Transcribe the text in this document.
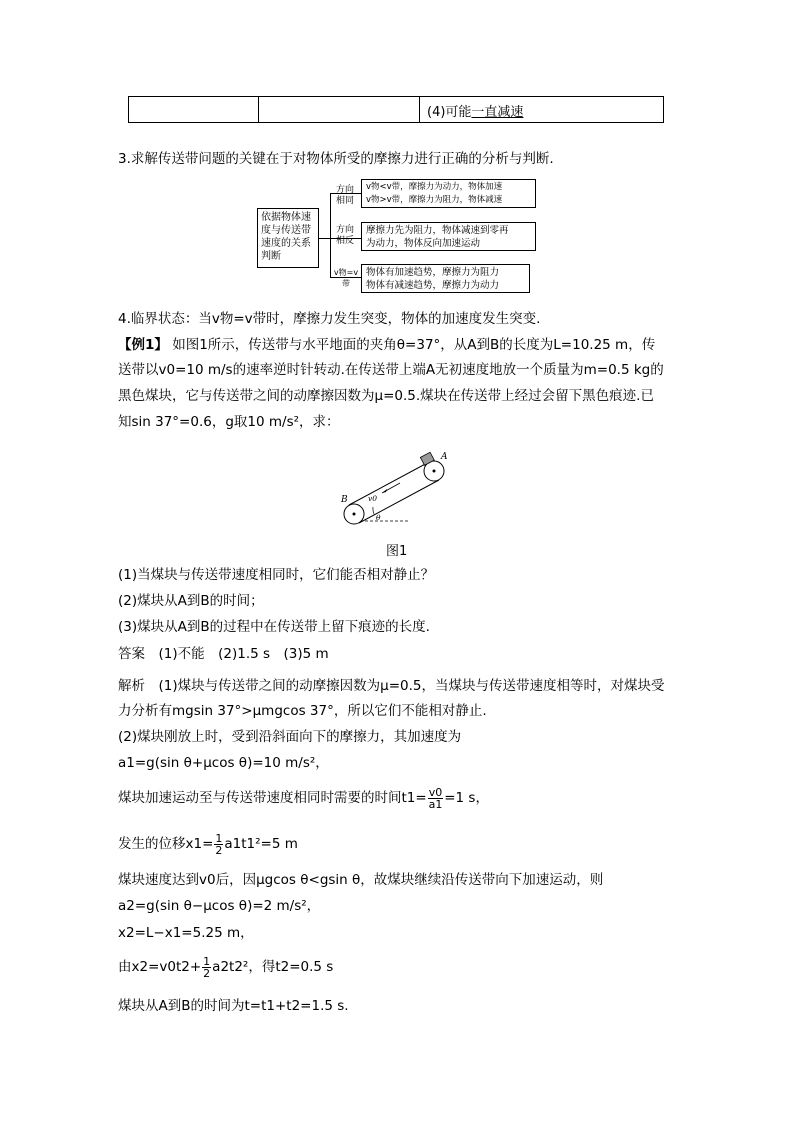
(4)可能一直减速
3.求解传送带问题的关键在于对物体所受的摩擦力进行正确的分析与判断.
依据物体速度与传送带速度的关系判断
方向相同
方向相反
v物=v带
v物<v带，摩擦力为动力，物体加速
v物>v带，摩擦力为阻力，物体减速
摩擦力先为阻力，物体减速到零再
为动力，物体反向加速运动
物体有加速趋势，摩擦力为阻力
物体有减速趋势，摩擦力为动力
4.临界状态：当v物=v带时，摩擦力发生突变，物体的加速度发生突变.
【例1】 如图1所示，传送带与水平地面的夹角θ=37°，从A到B的长度为L=10.25 m，传
送带以v0=10 m/s的速率逆时针转动.在传送带上端A无初速度地放一个质量为m=0.5 kg的
黑色煤块，它与传送带之间的动摩擦因数为μ=0.5.煤块在传送带上经过会留下黑色痕迹.已
知sin 37°=0.6，g取10 m/s²，求：
A
B	v0
θ
图1
(1)当煤块与传送带速度相同时，它们能否相对静止？
(2)煤块从A到B的时间；
(3)煤块从A到B的过程中在传送带上留下痕迹的长度.
答案　(1)不能　(2)1.5 s　(3)5 m
解析　(1)煤块与传送带之间的动摩擦因数为μ=0.5，当煤块与传送带速度相等时，对煤块受
力分析有mgsin 37°>μmgcos 37°，所以它们不能相对静止.
(2)煤块刚放上时，受到沿斜面向下的摩擦力，其加速度为
a1=g(sin θ+μcos θ)=10 m/s²，
煤块加速运动至与传送带速度相同时需要的时间$t1= \frac{v0}{a1} =1$ s，
发生的位移$x1= \frac{1}{2} a1t1^2=5$ m
煤块速度达到v0后，因μgcos θ<gsin θ，故煤块继续沿传送带向下加速运动，则
a2=g(sin θ−μcos θ)=2 m/s²，
x2=L−x1=5.25 m，
由$x2=v0t2+ \frac{1}{2} a2t2^2$，得t2=0.5 s
煤块从A到B的时间为t=t1+t2=1.5 s.
